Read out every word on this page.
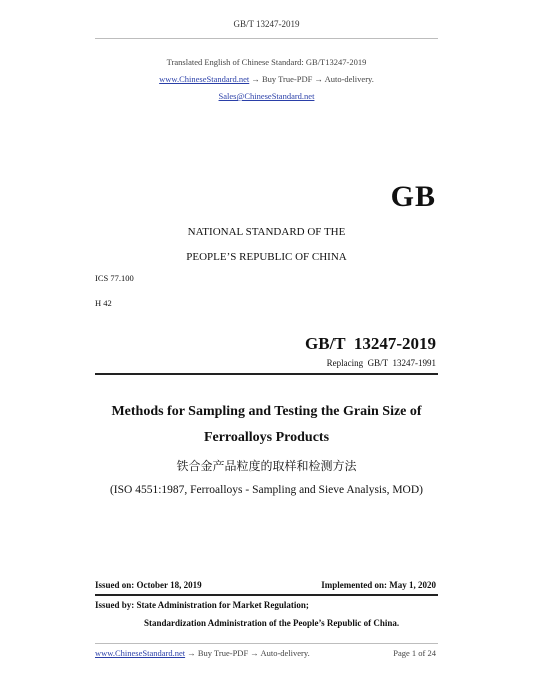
GB/T 13247-2019
Translated English of Chinese Standard: GB/T13247-2019
www.ChineseStandard.net → Buy True-PDF → Auto-delivery.
Sales@ChineseStandard.net
GB
NATIONAL STANDARD OF THE
PEOPLE’S REPUBLIC OF CHINA
ICS 77.100
H 42
GB/T  13247-2019
Replacing  GB/T  13247-1991
Methods for Sampling and Testing the Grain Size of
Ferroalloys Products
铁合金产品粒度的取样和检测方法
(ISO 4551:1987, Ferroalloys - Sampling and Sieve Analysis, MOD)
Issued on: October 18, 2019	Implemented on: May 1, 2020
Issued by: State Administration for Market Regulation;
Standardization Administration of the People’s Republic of China.
www.ChineseStandard.net → Buy True-PDF → Auto-delivery.	Page 1 of 24
